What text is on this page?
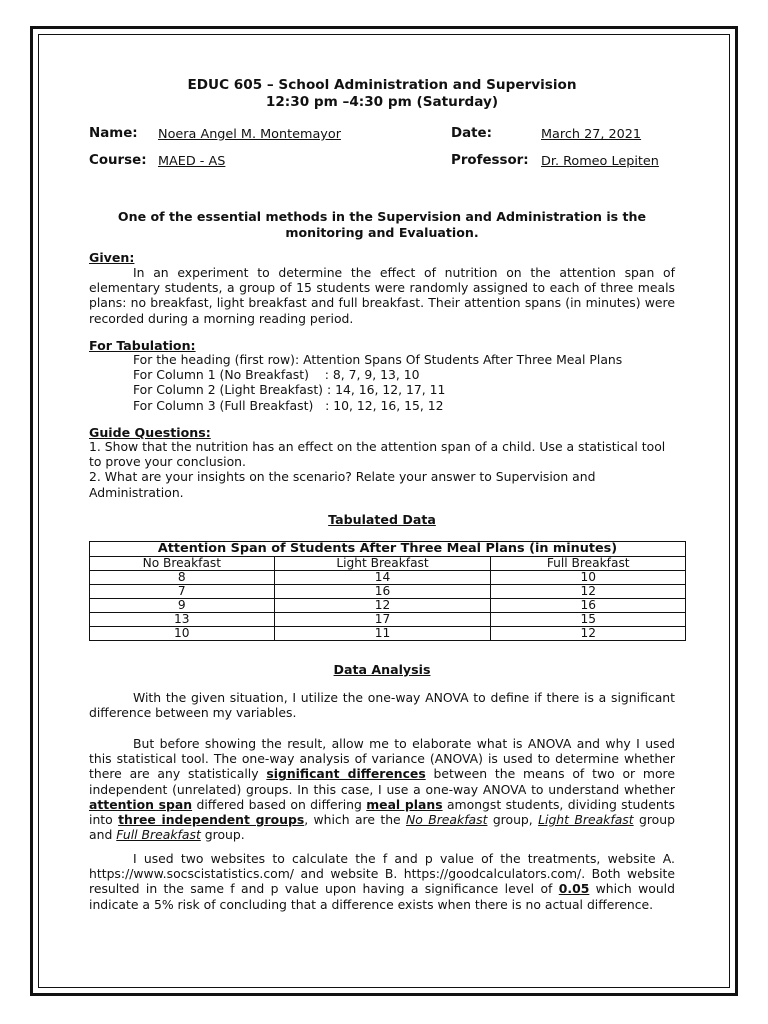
EDUC 605 – School Administration and Supervision
12:30 pm –4:30 pm (Saturday)
Name: Noera Angel M. Montemayor	Date:	March 27, 2021
Course: MAED - AS	Professor: Dr. Romeo Lepiten
One of the essential methods in the Supervision and Administration is the
monitoring and Evaluation.
Given:

In an experiment to determine the effect of nutrition on the attention span of elementary students, a group of 15 students were randomly assigned to each of three meals plans: no breakfast, light breakfast and full breakfast. Their attention spans (in minutes) were recorded during a morning reading period.

For Tabulation:
For the heading (first row): Attention Spans Of Students After Three Meal Plans
For Column 1 (No Breakfast)    : 8, 7, 9, 13, 10
For Column 2 (Light Breakfast) : 14, 16, 12, 17, 11
For Column 3 (Full Breakfast)   : 10, 12, 16, 15, 12
Guide Questions:

1. Show that the nutrition has an effect on the attention span of a child. Use a statistical tool to prove your conclusion.

2. What are your insights on the scenario? Relate your answer to Supervision and Administration.

Tabulated Data
Attention Span of Students After Three Meal Plans (in minutes)		
No Breakfast	Light Breakfast	Full Breakfast
8	14	10
7	16	12
9	12	16
13	17	15
10	11	12
Data Analysis

With the given situation, I utilize the one-way ANOVA to define if there is a significant difference between my variables.

But before showing the result, allow me to elaborate what is ANOVA and why I used this statistical tool. The one-way analysis of variance (ANOVA) is used to determine whether there are any statistically significant differences between the means of two or more independent (unrelated) groups. In this case, I use a one-way ANOVA to understand whether attention span differed based on differing meal plans amongst students, dividing students into three independent groups, which are the No Breakfast group, Light Breakfast group and Full Breakfast group.

I used two websites to calculate the f and p value of the treatments, website A. https://www.socscistatistics.com/ and website B. https://goodcalculators.com/. Both website resulted in the same f and p value upon having a significance level of 0.05 which would indicate a 5% risk of concluding that a difference exists when there is no actual difference.
